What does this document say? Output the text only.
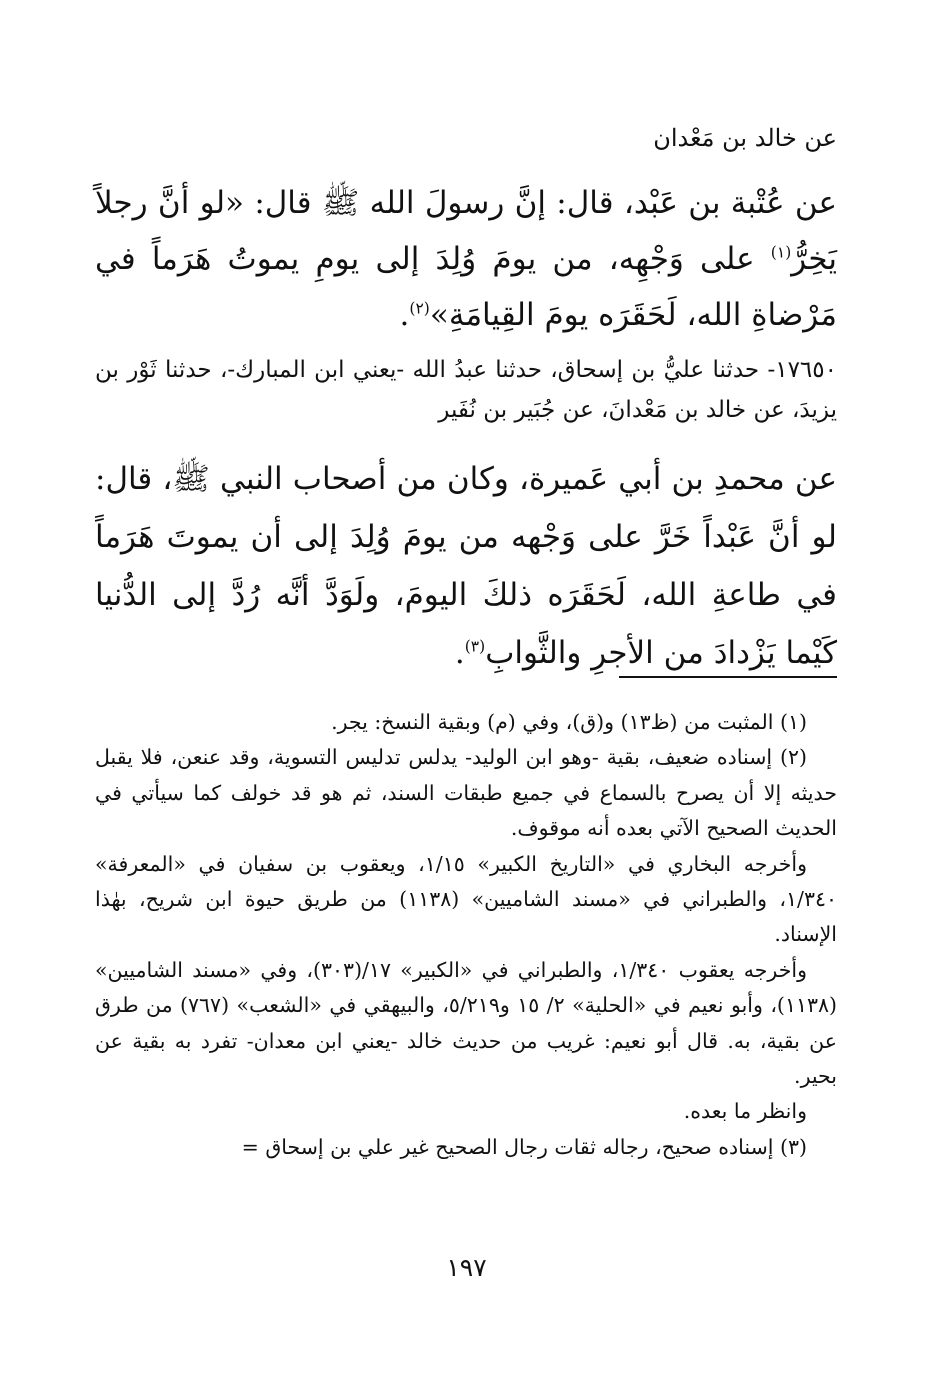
عن خالد بن مَعْدان

عن عُتْبة بن عَبْد، قال: إنَّ رسولَ الله ﷺ قال: «لو أنَّ رجلاً يَخِرُّ$^{(١)}$ على وَجْهِه، من يومَ وُلِدَ إلى يومِ يموتُ هَرَماً في مَرْضاةِ الله، لَحَقَرَه يومَ القِيامَةِ»$^{(٢)}$.

١٧٦٥٠- حدثنا عليُّ بن إسحاق، حدثنا عبدُ الله -يعني ابن المبارك-، حدثنا ثَوْر بن يزيدَ، عن خالد بن مَعْدانَ، عن جُبَير بن نُفَير

عن محمدِ بن أبي عَميرة، وكان من أصحاب النبي ﷺ، قال: لو أنَّ عَبْداً خَرَّ على وَجْهه من يومَ وُلِدَ إلى أن يموتَ هَرَماً في طاعةِ الله، لَحَقَرَه ذلكَ اليومَ، ولَوَدَّ أنَّه رُدَّ إلى الدُّنيا كَيْما يَزْدادَ من الأجرِ والثَّوابِ$^{(٣)}$.

(١) المثبت من (ظ١٣) و(ق)، وفي (م) وبقية النسخ: يجر.

(٢) إسناده ضعيف، بقية -وهو ابن الوليد- يدلس تدليس التسوية، وقد عنعن، فلا يقبل حديثه إلا أن يصرح بالسماع في جميع طبقات السند، ثم هو قد خولف كما سيأتي في الحديث الصحيح الآتي بعده أنه موقوف.

وأخرجه البخاري في «التاريخ الكبير» ١/١٥، ويعقوب بن سفيان في «المعرفة» ١/٣٤٠، والطبراني في «مسند الشاميين» (١١٣٨) من طريق حيوة ابن شريح، بهٰذا الإسناد.

وأخرجه يعقوب ١/٣٤٠، والطبراني في «الكبير» ١٧/(٣٠٣)، وفي «مسند الشاميين» (١١٣٨)، وأبو نعيم في «الحلية» ٢/ ١٥ و٥/٢١٩، والبيهقي في «الشعب» (٧٦٧) من طرق عن بقية، به. قال أبو نعيم: غريب من حديث خالد -يعني ابن معدان- تفرد به بقية عن بحير.

وانظر ما بعده.

(٣) إسناده صحيح، رجاله ثقات رجال الصحيح غير علي بن إسحاق =

١٩٧
